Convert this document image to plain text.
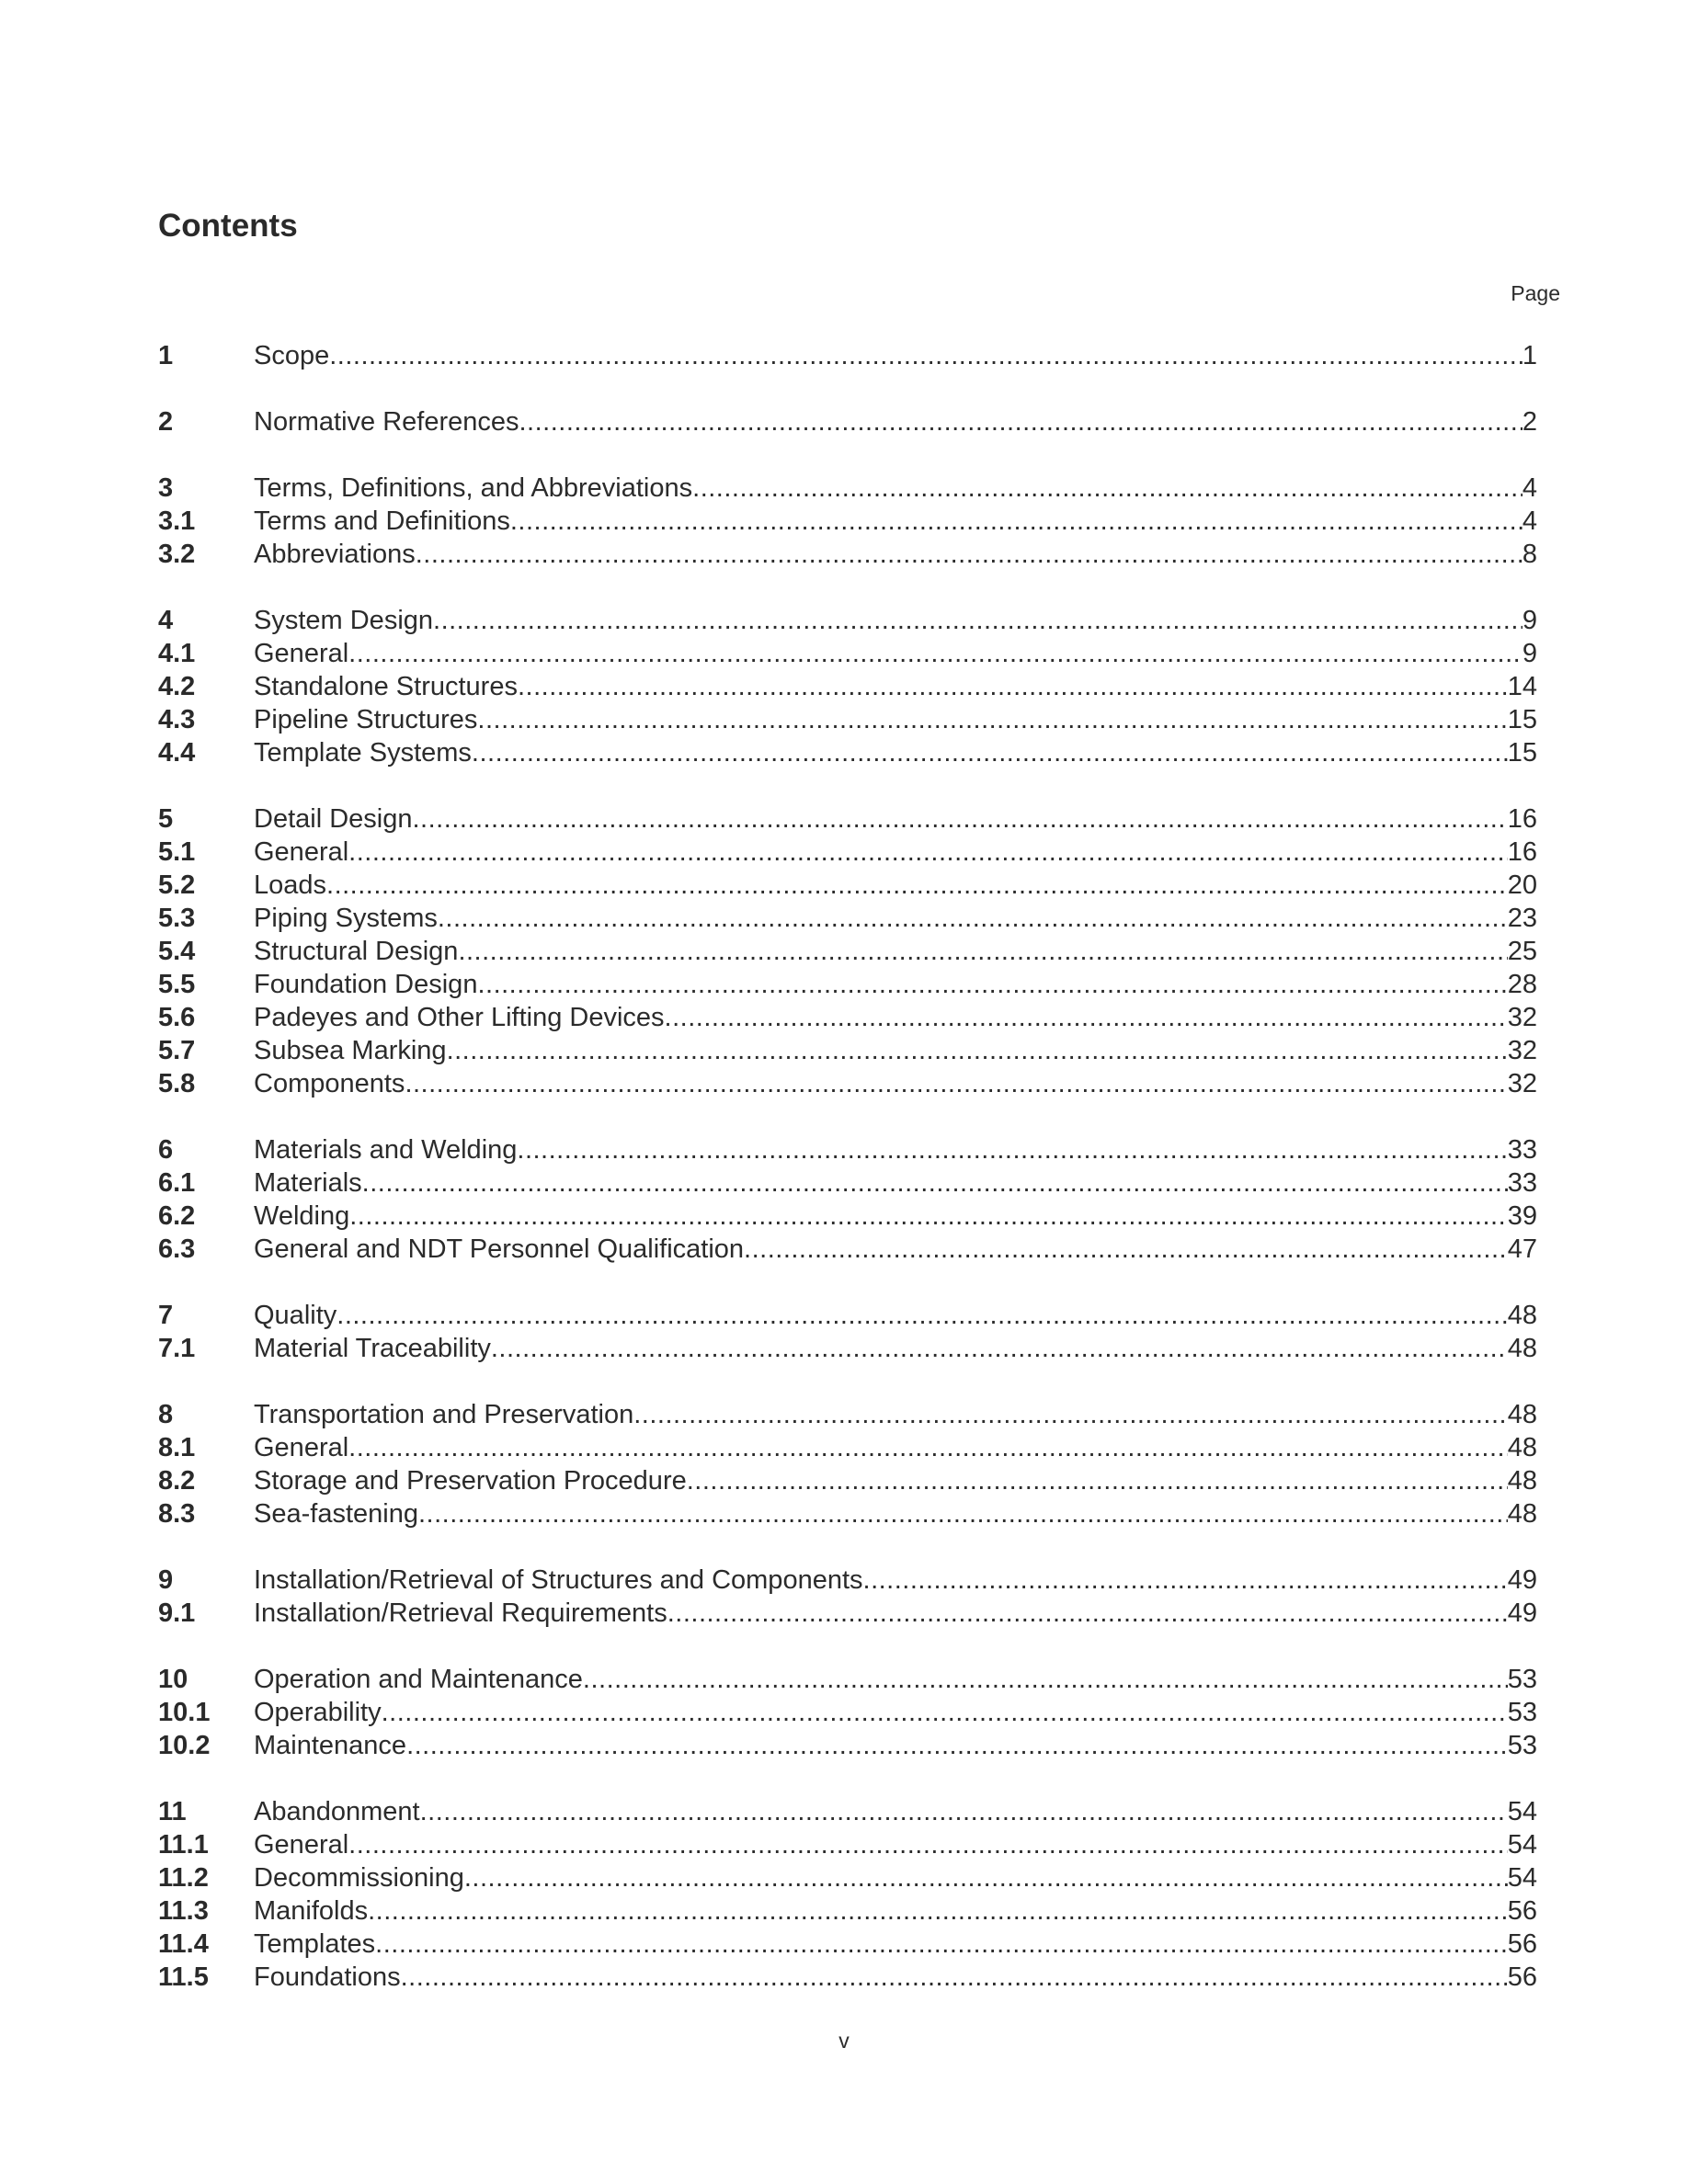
Contents
Page
1	Scope .....	1
2	Normative References .....	2
3	Terms, Definitions, and Abbreviations .....	4
3.1	Terms and Definitions .....	4
3.2	Abbreviations .....	8
4	System Design .....	9
4.1	General .....	9
4.2	Standalone Structures .....	14
4.3	Pipeline Structures .....	15
4.4	Template Systems .....	15
5	Detail Design .....	16
5.1	General .....	16
5.2	Loads .....	20
5.3	Piping Systems .....	23
5.4	Structural Design .....	25
5.5	Foundation Design .....	28
5.6	Padeyes and Other Lifting Devices .....	32
5.7	Subsea Marking .....	32
5.8	Components .....	32
6	Materials and Welding .....	33
6.1	Materials .....	33
6.2	Welding .....	39
6.3	General and NDT Personnel Qualification .....	47
7	Quality .....	48
7.1	Material Traceability .....	48
8	Transportation and Preservation .....	48
8.1	General .....	48
8.2	Storage and Preservation Procedure .....	48
8.3	Sea-fastening .....	48
9	Installation/Retrieval of Structures and Components .....	49
9.1	Installation/Retrieval Requirements .....	49
10	Operation and Maintenance .....	53
10.1	Operability .....	53
10.2	Maintenance .....	53
11	Abandonment .....	54
11.1	General .....	54
11.2	Decommissioning .....	54
11.3	Manifolds .....	56
11.4	Templates .....	56
11.5	Foundations .....	56
v
